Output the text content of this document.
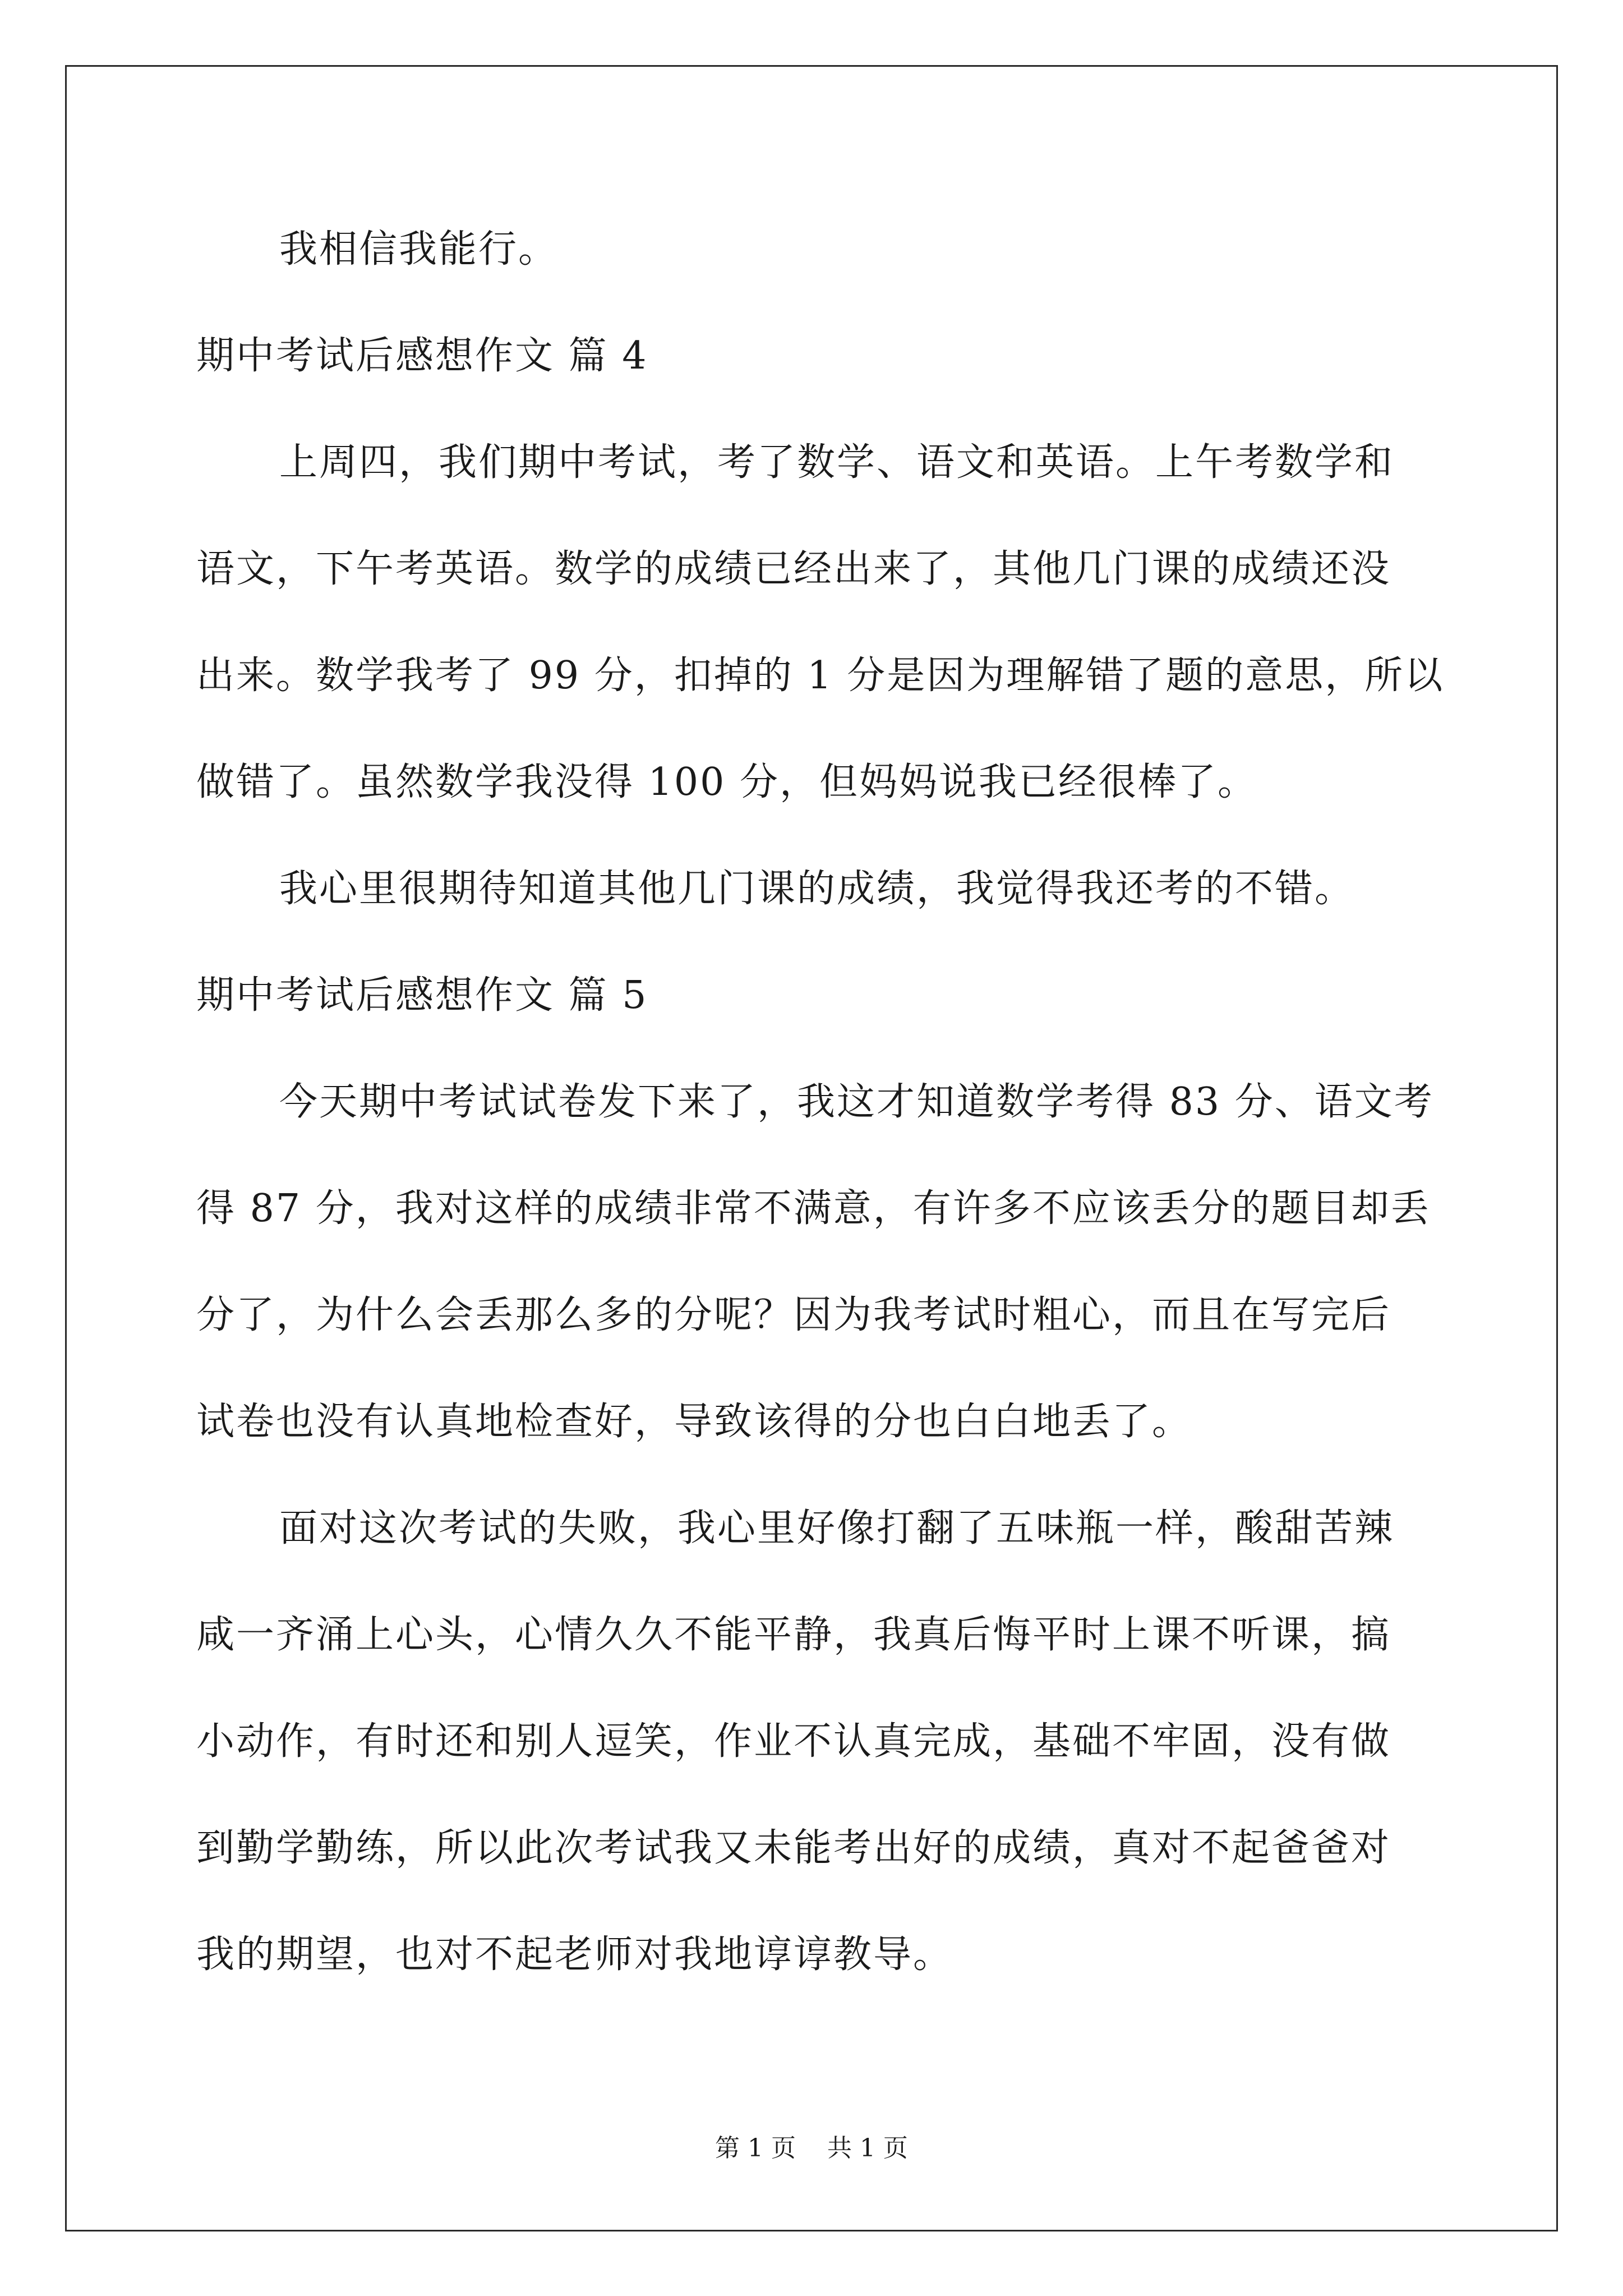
我相信我能行。
期中考试后感想作文 篇 4
上周四，我们期中考试，考了数学、语文和英语。上午考数学和
语文，下午考英语。数学的成绩已经出来了，其他几门课的成绩还没
出来。数学我考了 99 分，扣掉的 1 分是因为理解错了题的意思，所以
做错了。虽然数学我没得 100 分，但妈妈说我已经很棒了。
我心里很期待知道其他几门课的成绩，我觉得我还考的不错。
期中考试后感想作文 篇 5
今天期中考试试卷发下来了，我这才知道数学考得 83 分、语文考
得 87 分，我对这样的成绩非常不满意，有许多不应该丢分的题目却丢
分了，为什么会丢那么多的分呢？因为我考试时粗心，而且在写完后
试卷也没有认真地检查好，导致该得的分也白白地丢了。
面对这次考试的失败，我心里好像打翻了五味瓶一样，酸甜苦辣
咸一齐涌上心头，心情久久不能平静，我真后悔平时上课不听课，搞
小动作，有时还和别人逗笑，作业不认真完成，基础不牢固，没有做
到勤学勤练，所以此次考试我又未能考出好的成绩，真对不起爸爸对
我的期望，也对不起老师对我地谆谆教导。
第 1 页    共 1 页
